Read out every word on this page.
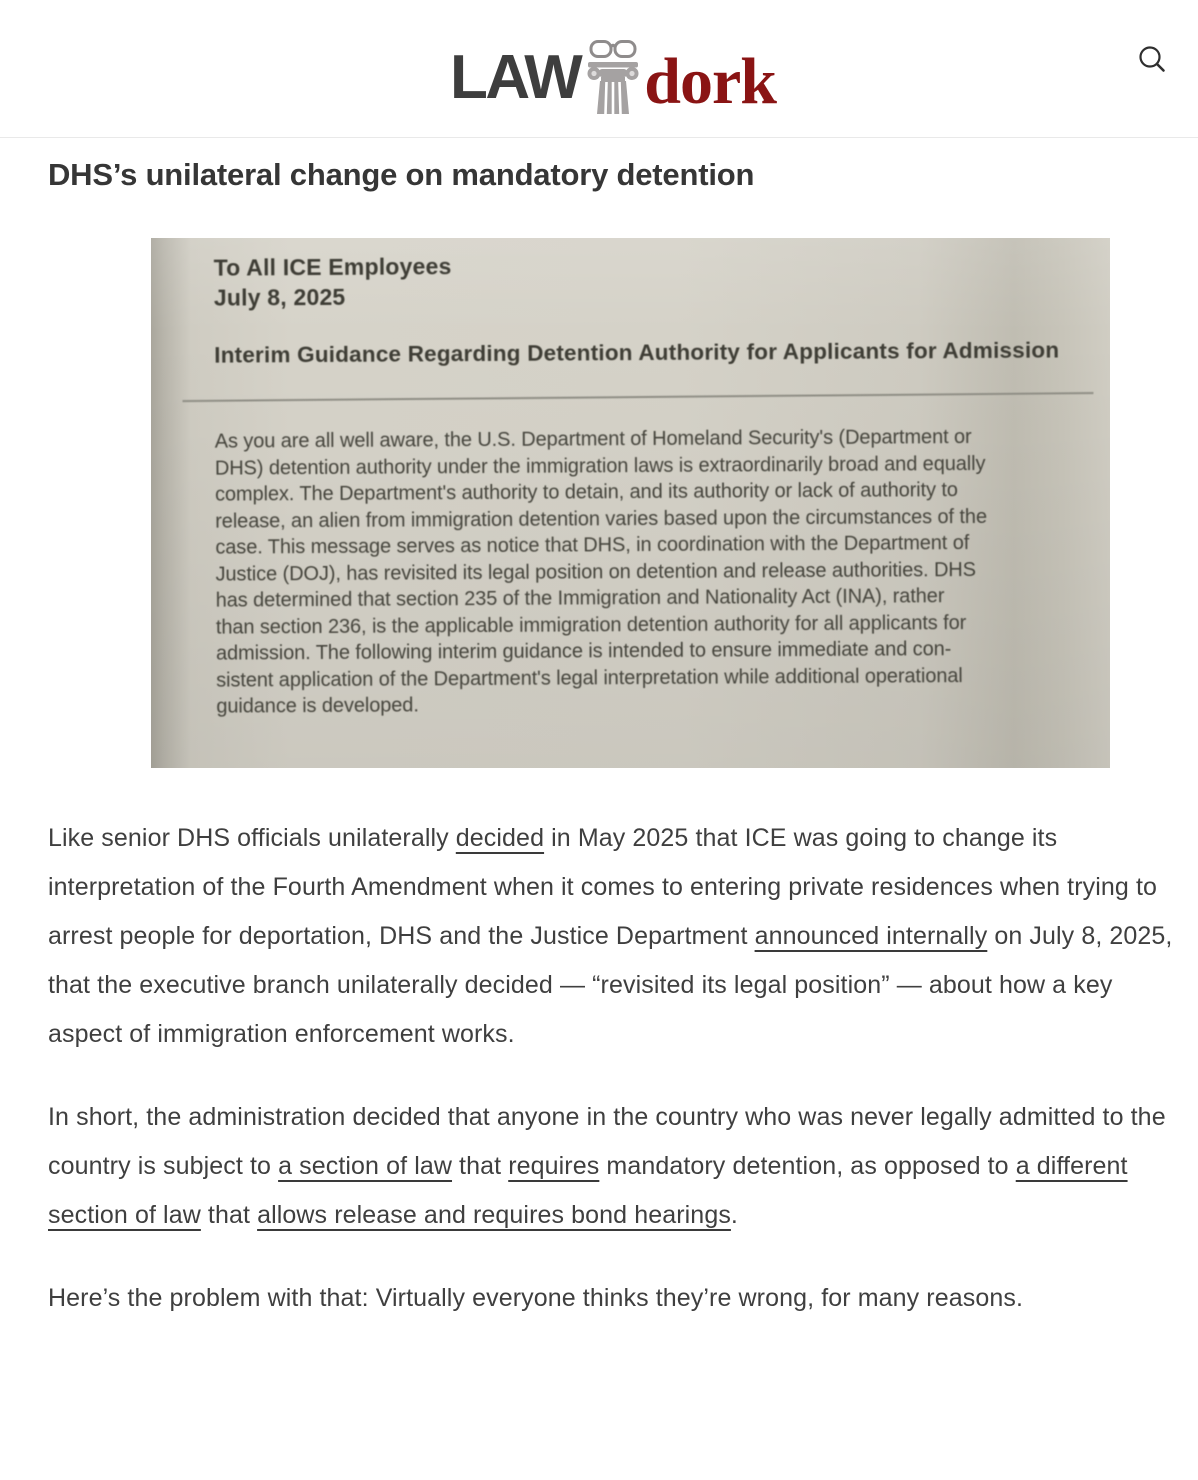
LAW dork
DHS’s unilateral change on mandatory detention
To All ICE Employees
July 8, 2025
Interim Guidance Regarding Detention Authority for Applicants for Admission
As you are all well aware, the U.S. Department of Homeland Security's (Department or
DHS) detention authority under the immigration laws is extraordinarily broad and equally
complex. The Department's authority to detain, and its authority or lack of authority to
release, an alien from immigration detention varies based upon the circumstances of the
case. This message serves as notice that DHS, in coordination with the Department of
Justice (DOJ), has revisited its legal position on detention and release authorities. DHS
has determined that section 235 of the Immigration and Nationality Act (INA), rather
than section 236, is the applicable immigration detention authority for all applicants for
admission. The following interim guidance is intended to ensure immediate and con-
sistent application of the Department's legal interpretation while additional operational
guidance is developed.

Like senior DHS officials unilaterally decided in May 2025 that ICE was going to change its interpretation of the Fourth Amendment when it comes to entering private residences when trying to arrest people for deportation, DHS and the Justice Department announced internally on July 8, 2025, that the executive branch unilaterally decided — “revisited its legal position” — about how a key aspect of immigration enforcement works.

In short, the administration decided that anyone in the country who was never legally admitted to the country is subject to a section of law that requires mandatory detention, as opposed to a different section of law that allows release and requires bond hearings.

Here’s the problem with that: Virtually everyone thinks they’re wrong, for many reasons.
